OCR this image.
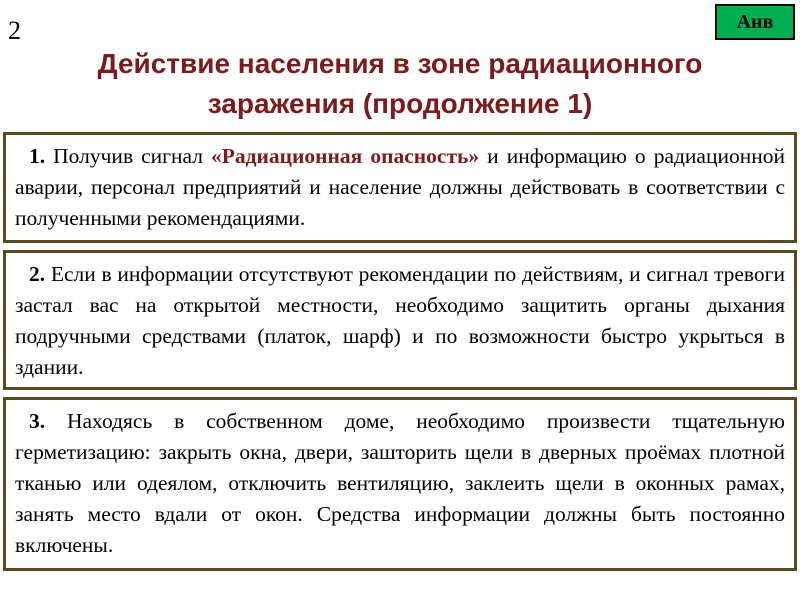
2	Анв
Действие населения в зоне радиационного
заражения (продолжение 1)
1. Получив сигнал «Радиационная опасность» и информацию о радиационной аварии, персонал предприятий и население должны действовать в соответствии с полученными рекомендациями.
2. Если в информации отсутствуют рекомендации по действиям, и сигнал тревоги застал вас на открытой местности, необходимо защитить органы дыхания подручными средствами (платок, шарф) и по возможности быстро укрыться в здании.
3. Находясь в собственном доме, необходимо произвести тщательную герметизацию: закрыть окна, двери, зашторить щели в дверных проёмах плотной тканью или одеялом, отключить вентиляцию, заклеить щели в оконных рамах, занять место вдали от окон. Средства информации должны быть постоянно включены.
